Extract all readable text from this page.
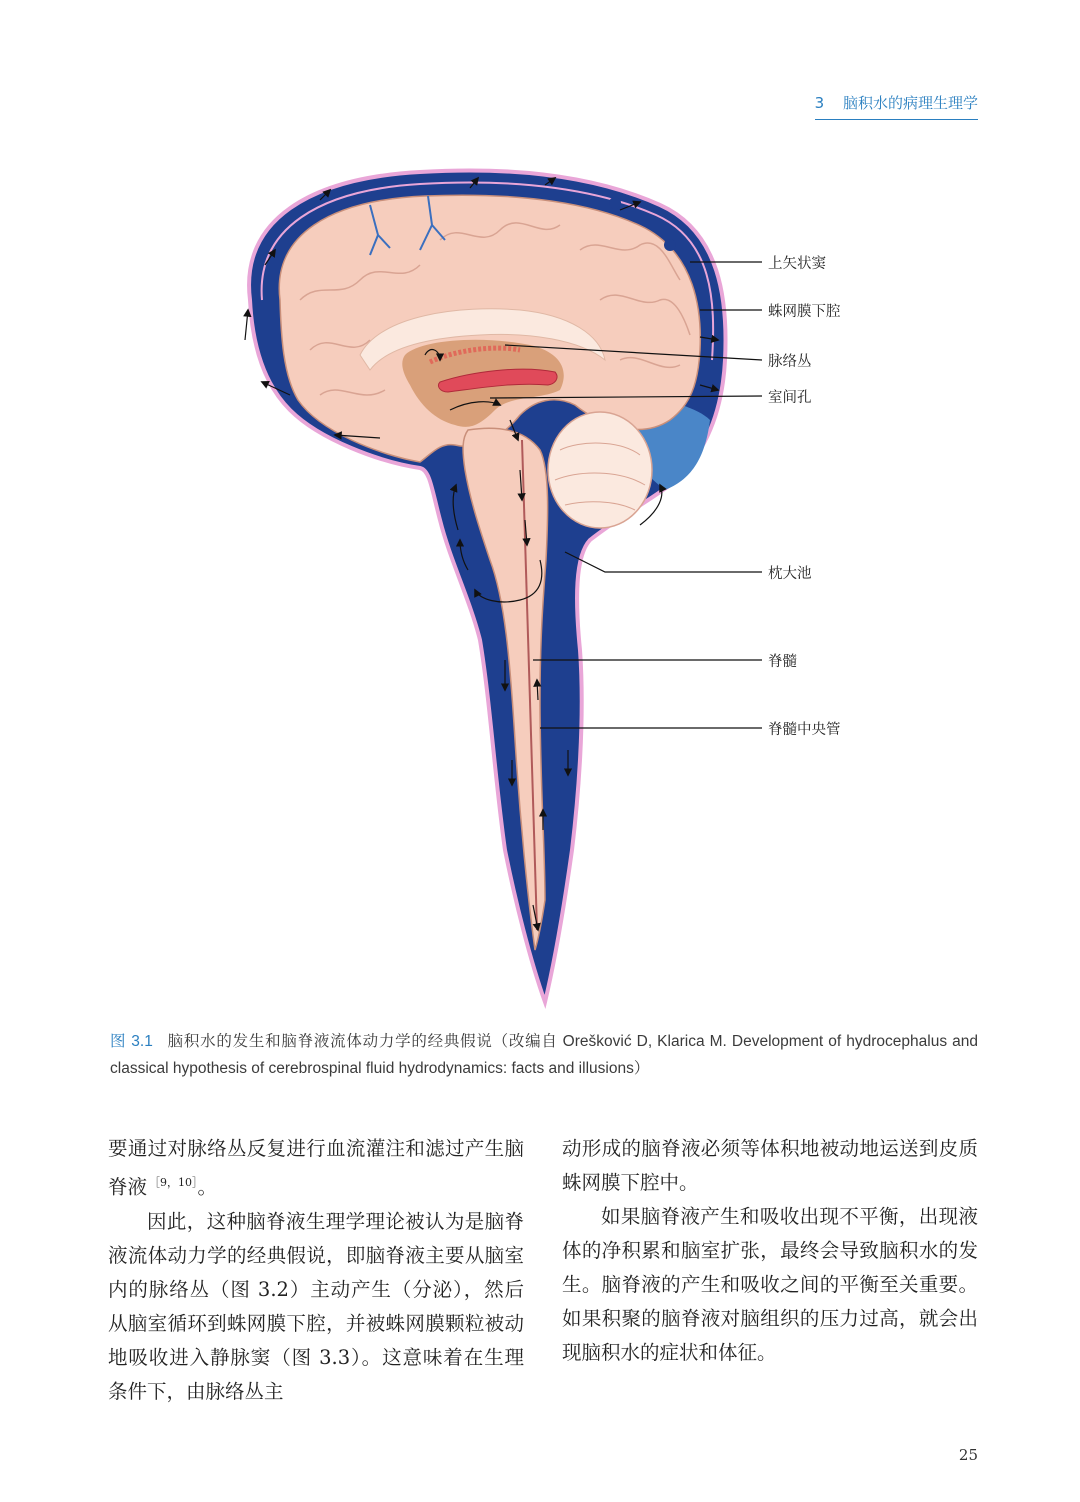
3 脑积水的病理生理学
上矢状窦
蛛网膜下腔
脉络丛
室间孔
枕大池
脊髓
脊髓中央管
图 3.1 脑积水的发生和脑脊液流体动力学的经典假说（改编自 Orešković D, Klarica M. Development of hydrocephalus and classical hypothesis of cerebrospinal fluid hydrodynamics: facts and illusions）

要通过对脉络丛反复进行血流灌注和滤过产生脑脊液 $^{[9,10]}$。

因此，这种脑脊液生理学理论被认为是脑脊液流体动力学的经典假说，即脑脊液主要从脑室内的脉络丛（图 3.2）主动产生（分泌），然后从脑室循环到蛛网膜下腔，并被蛛网膜颗粒被动地吸收进入静脉窦（图 3.3）。这意味着在生理条件下，由脉络丛主

动形成的脑脊液必须等体积地被动地运送到皮质蛛网膜下腔中。

如果脑脊液产生和吸收出现不平衡，出现液体的净积累和脑室扩张，最终会导致脑积水的发生。脑脊液的产生和吸收之间的平衡至关重要。如果积聚的脑脊液对脑组织的压力过高，就会出现脑积水的症状和体征。

25
